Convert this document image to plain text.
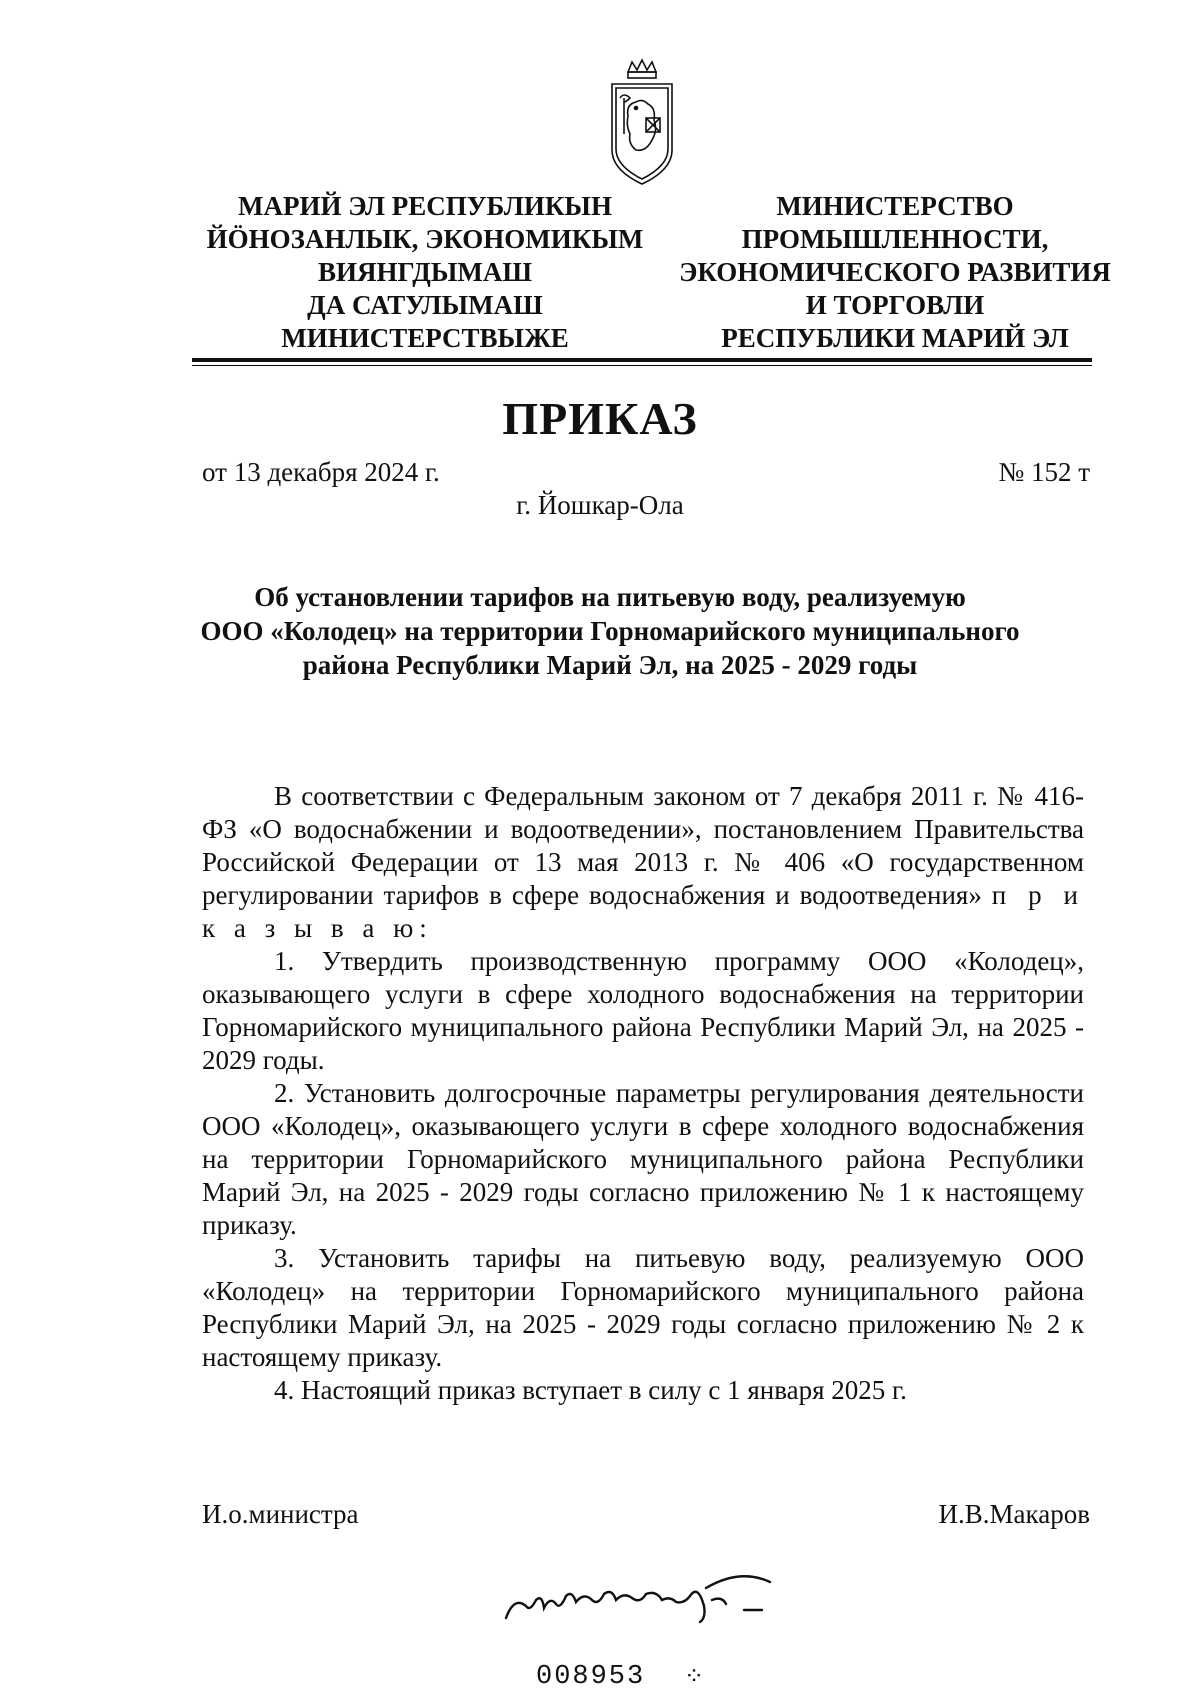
МАРИЙ ЭЛ РЕСПУБЛИКЫН
ЙӦНОЗАНЛЫК, ЭКОНОМИКЫМ
ВИЯНГДЫМАШ
ДА САТУЛЫМАШ
МИНИСТЕРСТВЫЖЕ
МИНИСТЕРСТВО
ПРОМЫШЛЕННОСТИ,
ЭКОНОМИЧЕСКОГО РАЗВИТИЯ
И ТОРГОВЛИ
РЕСПУБЛИКИ МАРИЙ ЭЛ
ПРИКАЗ
от 13 декабря 2024 г.	№ 152 т
г. Йошкар-Ола
Об установлении тарифов на питьевую воду, реализуемую
ООО «Колодец» на территории Горномарийского муниципального
района Республики Марий Эл, на 2025 - 2029 годы

В соответствии с Федеральным законом от 7 декабря 2011 г. № 416-ФЗ «О водоснабжении и водоотведении», постановлением Правительства Российской Федерации от 13 мая 2013 г. № 406 «О государственном регулировании тарифов в сфере водоснабжения и водоотведения» п р и к а з ы в а ю:

1. Утвердить производственную программу ООО «Колодец», оказывающего услуги в сфере холодного водоснабжения на территории Горномарийского муниципального района Республики Марий Эл, на 2025 - 2029 годы.

2. Установить долгосрочные параметры регулирования деятельности ООО «Колодец», оказывающего услуги в сфере холодного водоснабжения на территории Горномарийского муниципального района Республики Марий Эл, на 2025 - 2029 годы согласно приложению № 1 к настоящему приказу.

3. Установить тарифы на питьевую воду, реализуемую ООО «Колодец» на территории Горномарийского муниципального района Республики Марий Эл, на 2025 - 2029 годы согласно приложению № 2 к настоящему приказу.

4. Настоящий приказ вступает в силу с 1 января 2025 г.

И.о.министра	И.В.Макаров
008953 ⁘
